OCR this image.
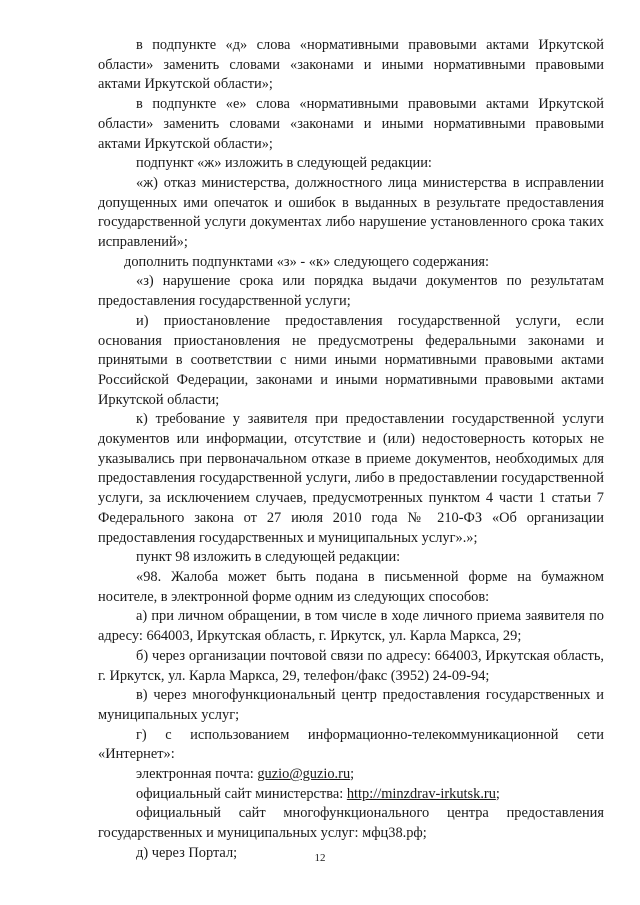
в подпункте «д» слова «нормативными правовыми актами Иркутской области» заменить словами «законами и иными нормативными правовыми актами Иркутской области»;

в подпункте «е» слова «нормативными правовыми актами Иркутской области» заменить словами «законами и иными нормативными правовыми актами Иркутской области»;

подпункт «ж» изложить в следующей редакции:

«ж) отказ министерства, должностного лица министерства в исправлении допущенных ими опечаток и ошибок в выданных в результате предоставления государственной услуги документах либо нарушение установленного срока таких исправлений»;

дополнить подпунктами «з» - «к» следующего содержания:

«з) нарушение срока или порядка выдачи документов по результатам предоставления государственной услуги;

и) приостановление предоставления государственной услуги, если основания приостановления не предусмотрены федеральными законами и принятыми в соответствии с ними иными нормативными правовыми актами Российской Федерации, законами и иными нормативными правовыми актами Иркутской области;

к) требование у заявителя при предоставлении государственной услуги документов или информации, отсутствие и (или) недостоверность которых не указывались при первоначальном отказе в приеме документов, необходимых для предоставления государственной услуги, либо в предоставлении государственной услуги, за исключением случаев, предусмотренных пунктом 4 части 1 статьи 7 Федерального закона от 27 июля 2010 года № 210-ФЗ «Об организации предоставления государственных и муниципальных услуг».»;

пункт 98 изложить в следующей редакции:

«98. Жалоба может быть подана в письменной форме на бумажном носителе, в электронной форме одним из следующих способов:

а) при личном обращении, в том числе в ходе личного приема заявителя по адресу: 664003, Иркутская область, г. Иркутск, ул. Карла Маркса, 29;

б) через организации почтовой связи по адресу: 664003, Иркутская область, г. Иркутск, ул. Карла Маркса, 29, телефон/факс (3952) 24-09-94;

в) через многофункциональный центр предоставления государственных и муниципальных услуг;

г) с использованием информационно-телекоммуникационной сети «Интернет»:

электронная почта: guzio@guzio.ru;

официальный сайт министерства: http://minzdrav-irkutsk.ru;

официальный сайт многофункционального центра предоставления государственных и муниципальных услуг: мфц38.рф;

д) через Портал;	12
